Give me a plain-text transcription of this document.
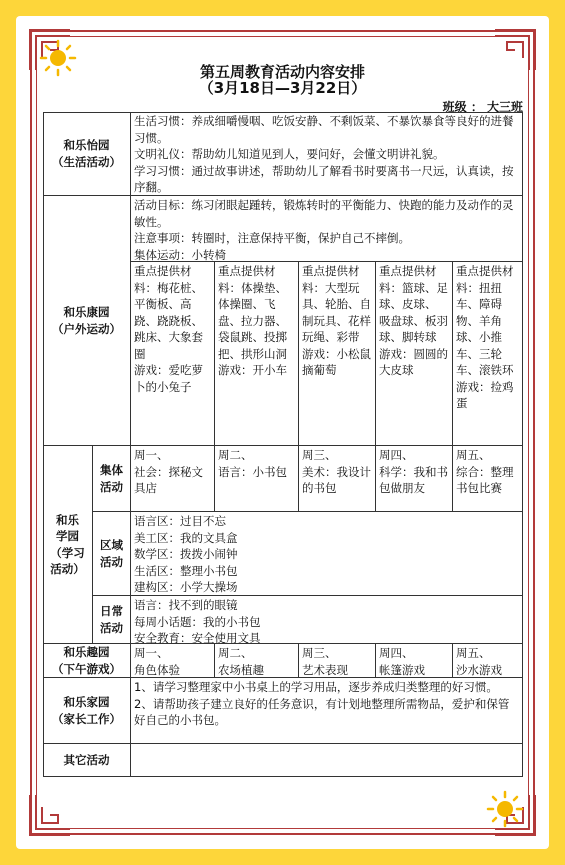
第五周教育活动内容安排
（3月18日—3月22日）
班级 ： 大三班
和乐怡园
（生活活动）
生活习惯：养成细嚼慢咽、吃饭安静、不剩饭菜、不暴饮暴食等良好的进餐习惯。
文明礼仪：帮助幼儿知道见到人，要问好，会懂文明讲礼貌。
学习习惯：通过故事讲述，帮助幼儿了解看书时要离书一尺远，认真读，按序翻。
和乐康园
（户外运动）
活动目标：练习闭眼起踵转，锻炼转时的平衡能力、快跑的能力及动作的灵敏性。
注意事项：转圈时，注意保持平衡，保护自己不摔倒。
集体运动：小转椅
重点提供材料：梅花桩、平衡板、高跷、跷跷板、跳床、大象套圈
游戏：爱吃萝卜的小兔子
重点提供材料：体操垫、
体操圈、飞盘、拉力器、袋鼠跳、投掷把、拱形山洞
游戏：开小车
重点提供材料：大型玩具、轮胎、自制玩具、花样玩绳、彩带
游戏：小松鼠摘葡萄
重点提供材料：篮球、足球、皮球、
吸盘球、板羽球、脚转球
游戏：圆圆的大皮球
重点提供材料：扭扭车、障碍物、羊角球、小推车、三轮车、滚铁环
游戏：捡鸡蛋
和乐
学园
（学习
活动）
集体
活动
周一、
社会：探秘文具店
周二、
语言：小书包
周三、
美术：我设计的书包
周四、
科学：我和书包做朋友
周五、
综合：整理书包比赛
区域
活动
语言区：过目不忘
美工区：我的文具盒
数学区：拨拨小闹钟
生活区：整理小书包
建构区：小学大操场
日常
活动
语言：找不到的眼镜
每周小话题：我的小书包
安全教育：安全使用文具
和乐趣园
（下午游戏）
周一、
角色体验
周二、
农场植趣
周三、
艺术表现
周四、
帐篷游戏
周五、
沙水游戏
和乐家园
（家长工作）
1、请学习整理家中小书桌上的学习用品，逐步养成归类整理的好习惯。
2、请帮助孩子建立良好的任务意识，有计划地整理所需物品，爱护和保管好自己的小书包。
其它活动
